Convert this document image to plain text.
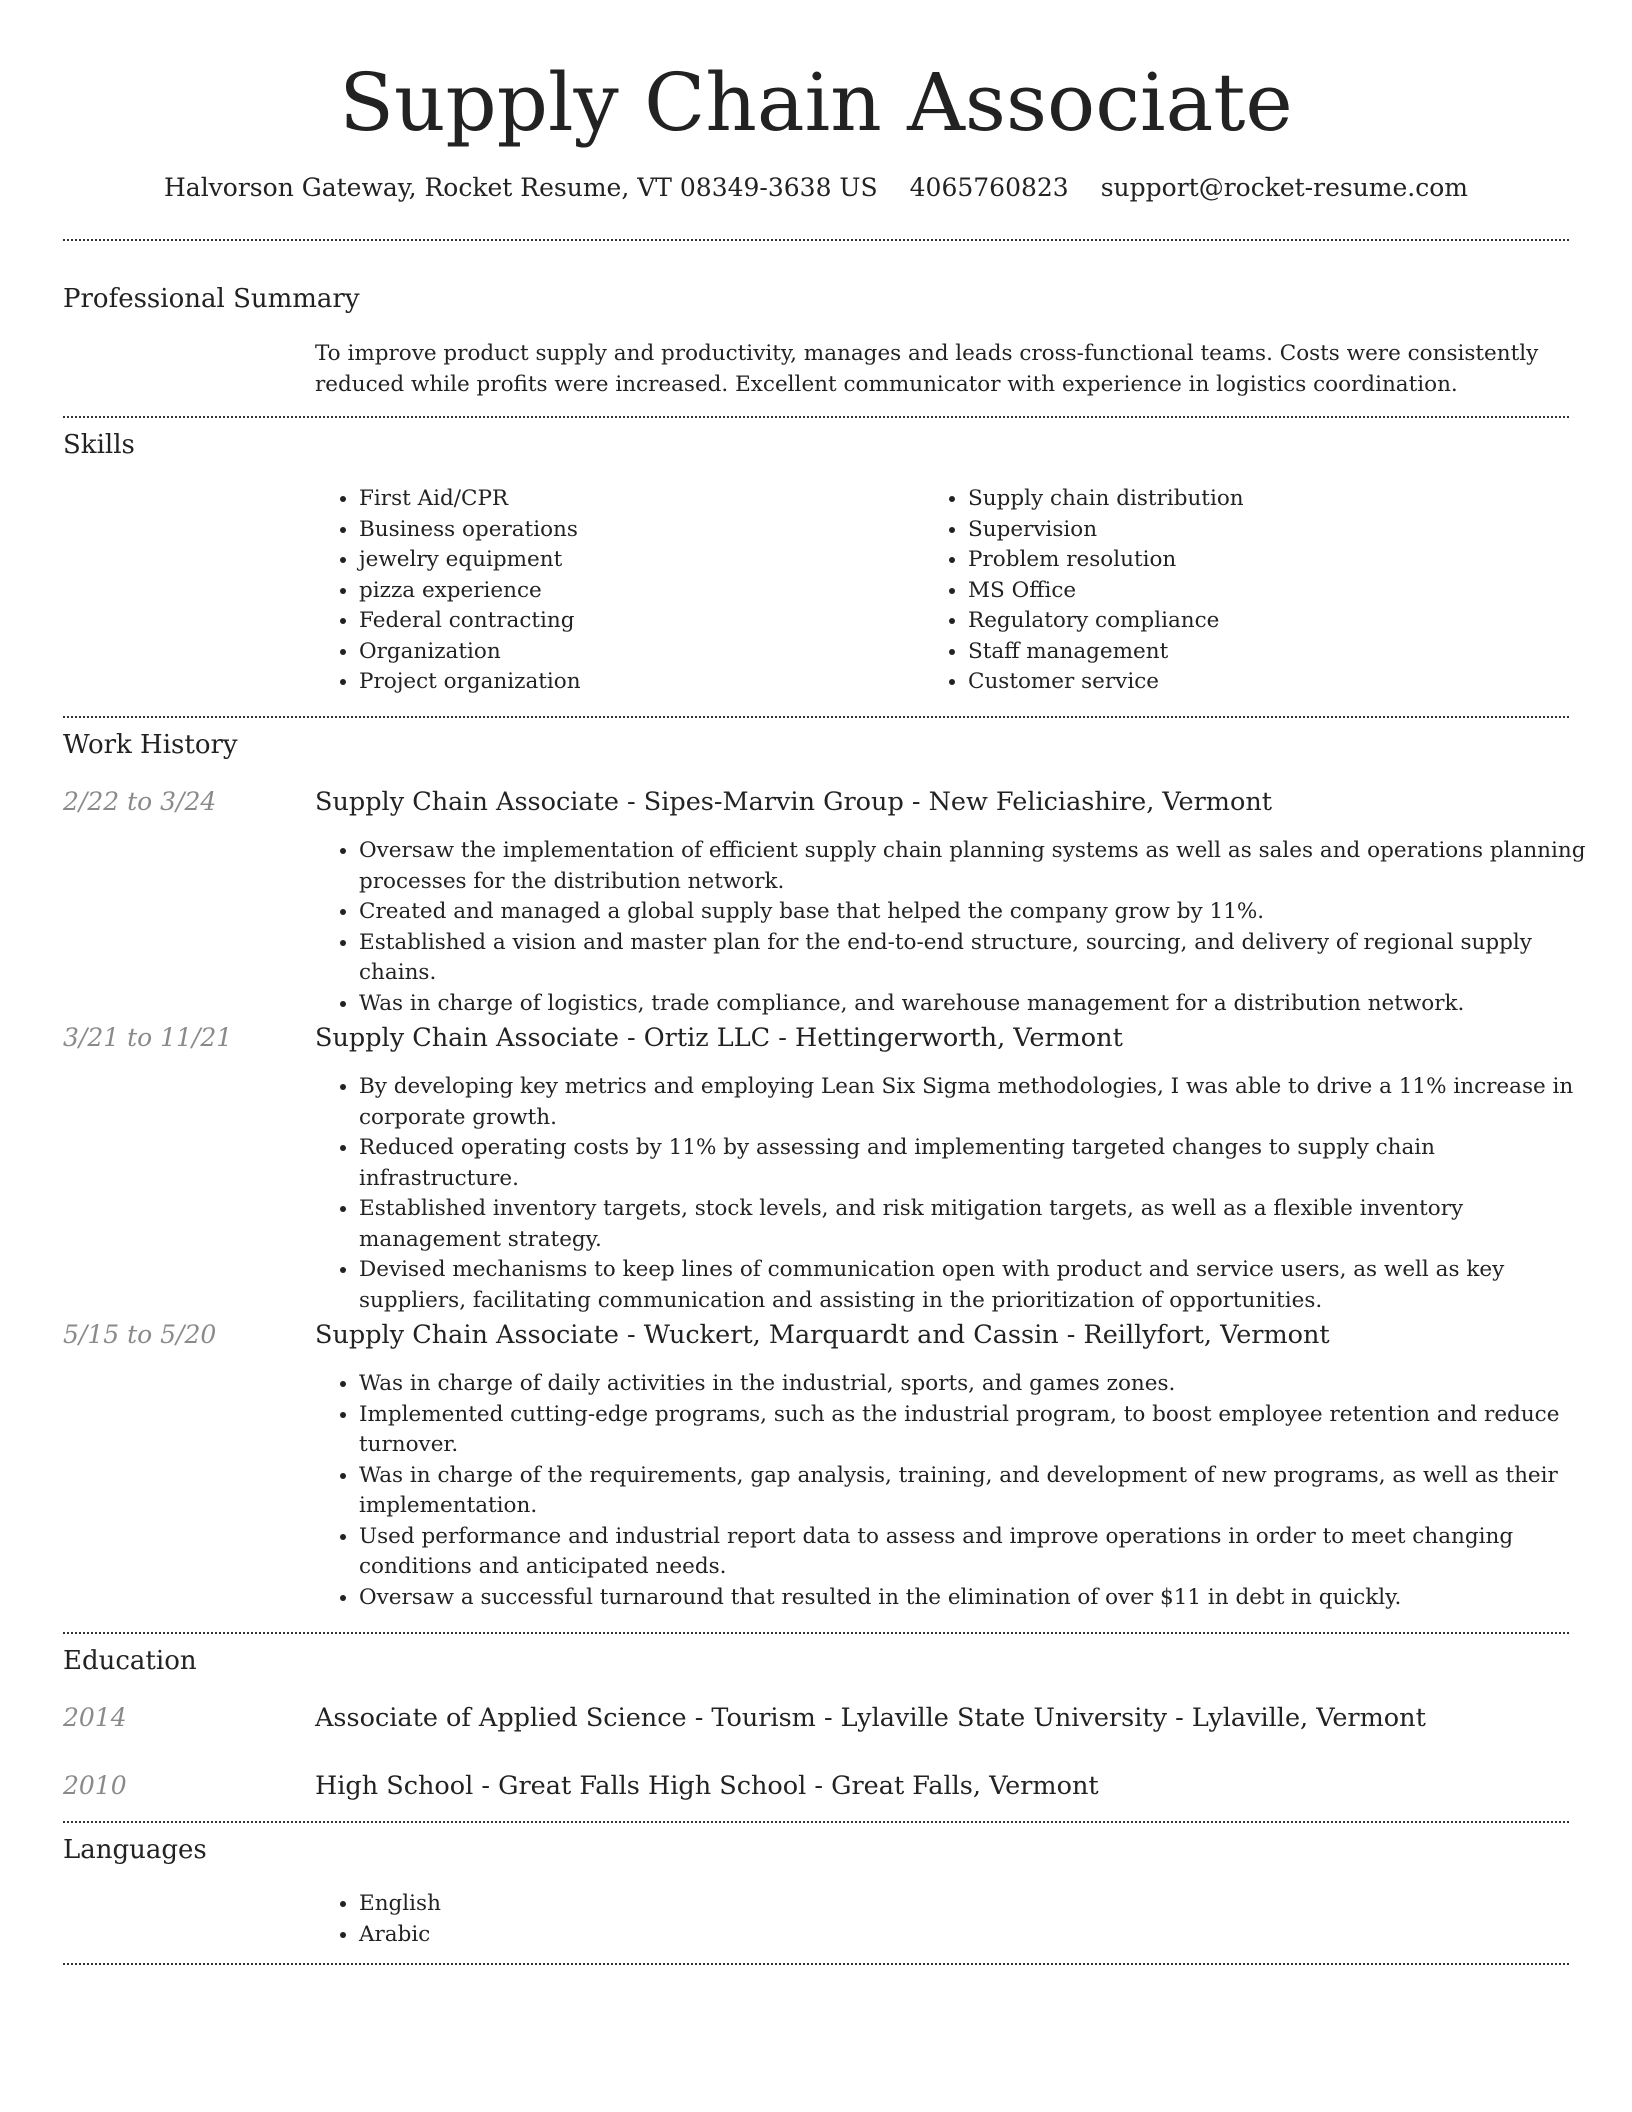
Supply Chain Associate
Halvorson Gateway, Rocket Resume, VT 08349-3638 US 4065760823 support@rocket-resume.com
Professional Summary
To improve product supply and productivity, manages and leads cross-functional teams. Costs were consistently reduced while profits were increased. Excellent communicator with experience in logistics coordination.
Skills
• First Aid/CPR
• Business operations
• jewelry equipment
• pizza experience
• Federal contracting
• Organization
• Project organization
• Supply chain distribution
• Supervision
• Problem resolution
• MS Office
• Regulatory compliance
• Staff management
• Customer service
Work History
2/22 to 3/24	Supply Chain Associate - Sipes-Marvin Group - New Feliciashire, Vermont
• Oversaw the implementation of efficient supply chain planning systems as well as sales and operations planning processes for the distribution network.
• Created and managed a global supply base that helped the company grow by 11%.
• Established a vision and master plan for the end-to-end structure, sourcing, and delivery of regional supply chains.
• Was in charge of logistics, trade compliance, and warehouse management for a distribution network.
3/21 to 11/21	Supply Chain Associate - Ortiz LLC - Hettingerworth, Vermont
• By developing key metrics and employing Lean Six Sigma methodologies, I was able to drive a 11% increase in corporate growth.
• Reduced operating costs by 11% by assessing and implementing targeted changes to supply chain infrastructure.
• Established inventory targets, stock levels, and risk mitigation targets, as well as a flexible inventory management strategy.
• Devised mechanisms to keep lines of communication open with product and service users, as well as key suppliers, facilitating communication and assisting in the prioritization of opportunities.
5/15 to 5/20	Supply Chain Associate - Wuckert, Marquardt and Cassin - Reillyfort, Vermont
• Was in charge of daily activities in the industrial, sports, and games zones.
• Implemented cutting-edge programs, such as the industrial program, to boost employee retention and reduce turnover.
• Was in charge of the requirements, gap analysis, training, and development of new programs, as well as their implementation.
• Used performance and industrial report data to assess and improve operations in order to meet changing conditions and anticipated needs.
• Oversaw a successful turnaround that resulted in the elimination of over $11 in debt in quickly.
Education
2014	Associate of Applied Science - Tourism - Lylaville State University - Lylaville, Vermont
2010	High School - Great Falls High School - Great Falls, Vermont
Languages
• English
• Arabic
